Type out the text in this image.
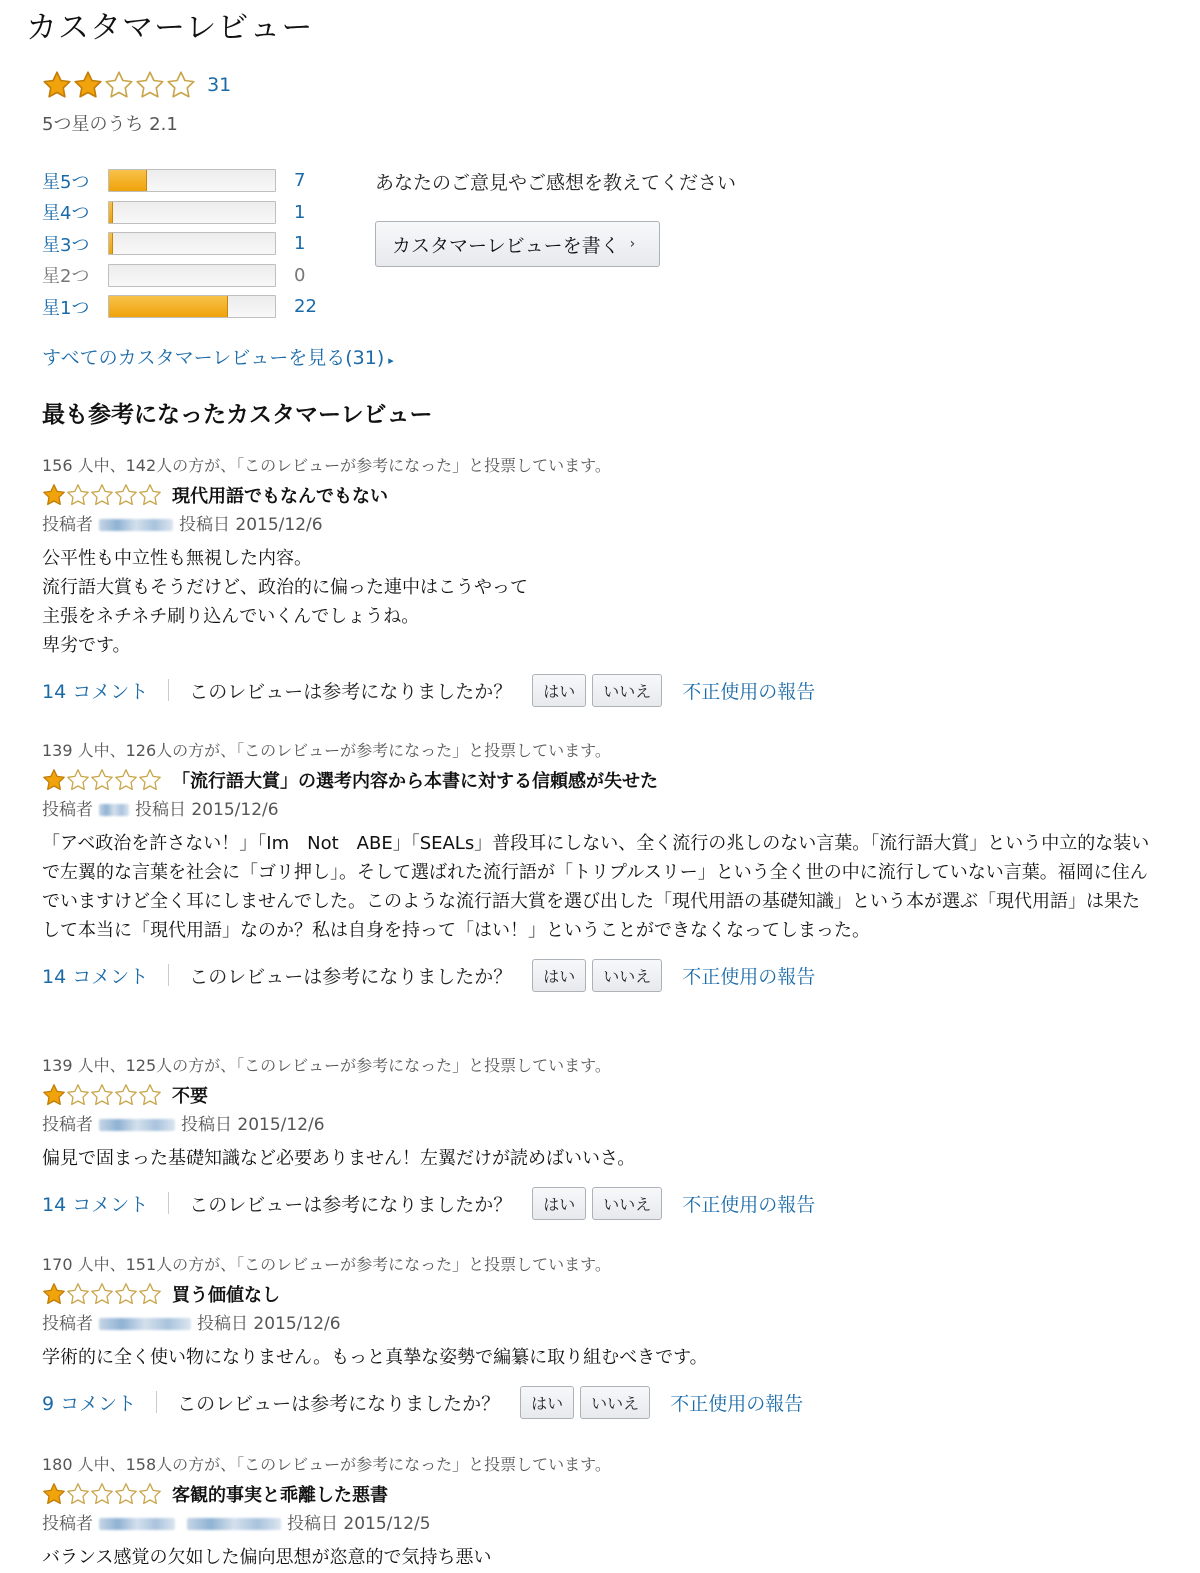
カスタマーレビュー
31
5つ星のうち 2.1
星5つ	7
星4つ	1
星3つ	1
星2つ	0
星1つ	22
あなたのご意見やご感想を教えてください
カスタマーレビューを書く ›
すべてのカスタマーレビューを見る(31) ▸
最も参考になったカスタマーレビュー
156 人中、142人の方が、「このレビューが参考になった」と投票しています。
現代用語でもなんでもない
投稿者	投稿日 2015/12/6

公平性も中立性も無視した内容。

流行語大賞もそうだけど、政治的に偏った連中はこうやって

主張をネチネチ刷り込んでいくんでしょうね。

卑劣です。

14 コメント このレビューは参考になりましたか？	はい	いいえ	不正使用の報告
139 人中、126人の方が、「このレビューが参考になった」と投票しています。
「流行語大賞」の選考内容から本書に対する信頼感が失せた
投稿者 投稿日 2015/12/6

「アベ政治を許さない！」「Im　Not　ABE」「SEALs」普段耳にしない、全く流行の兆しのない言葉。「流行語大賞」という中立的な装いで左翼的な言葉を社会に「ゴリ押し」。そして選ばれた流行語が「トリプルスリー」という全く世の中に流行していない言葉。福岡に住んでいますけど全く耳にしませんでした。このような流行語大賞を選び出した「現代用語の基礎知識」という本が選ぶ「現代用語」は果たして本当に「現代用語」なのか？私は自身を持って「はい！」ということができなくなってしまった。

14 コメント このレビューは参考になりましたか？	はい	いいえ	不正使用の報告
139 人中、125人の方が、「このレビューが参考になった」と投票しています。
不要
投稿者	投稿日 2015/12/6

偏見で固まった基礎知識など必要ありません！左翼だけが読めばいいさ。

14 コメント このレビューは参考になりましたか？	はい	いいえ	不正使用の報告
170 人中、151人の方が、「このレビューが参考になった」と投票しています。
買う価値なし
投稿者	投稿日 2015/12/6

学術的に全く使い物になりません。もっと真摯な姿勢で編纂に取り組むべきです。

9 コメント このレビューは参考になりましたか？	はい	いいえ	不正使用の報告
180 人中、158人の方が、「このレビューが参考になった」と投票しています。
客観的事実と乖離した悪書
投稿者	投稿日 2015/12/5

バランス感覚の欠如した偏向思想が恣意的で気持ち悪い
